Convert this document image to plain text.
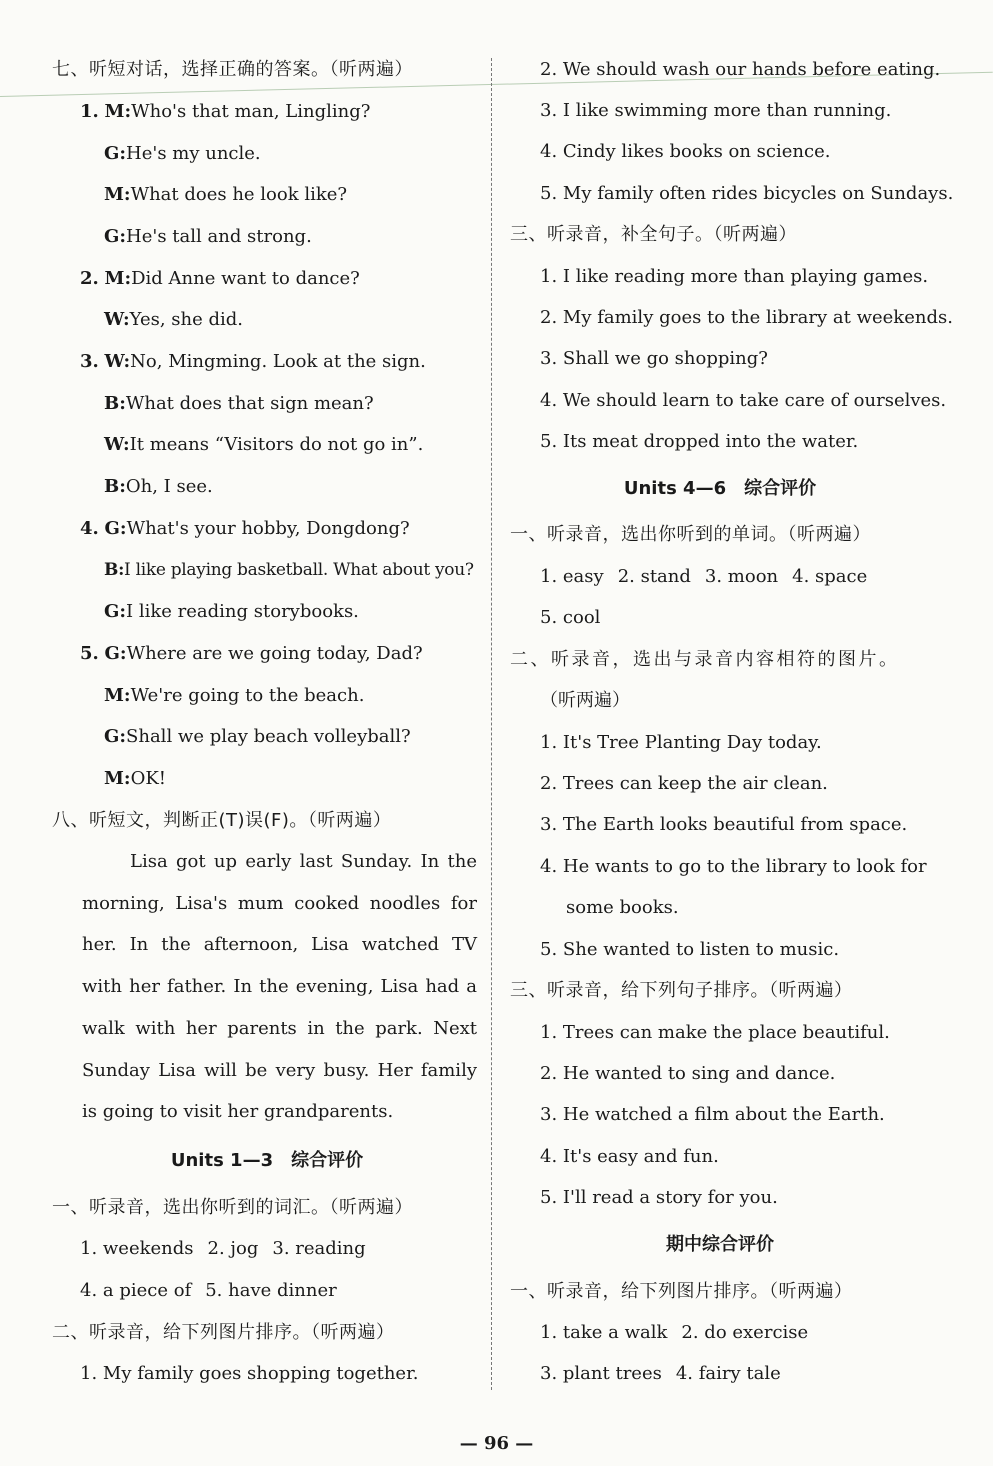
七、听短对话，选择正确的答案。（听两遍）
1. M:Who's that man, Lingling?
G:He's my uncle.
M:What does he look like?
G:He's tall and strong.
2. M:Did Anne want to dance?
W:Yes, she did.
3. W:No, Mingming. Look at the sign.
B:What does that sign mean?
W:It means “Visitors do not go in”.
B:Oh, I see.
4. G:What's your hobby, Dongdong?
B:I like playing basketball. What about you?
G:I like reading storybooks.
5. G:Where are we going today, Dad?
M:We're going to the beach.
G:Shall we play beach volleyball?
M:OK!
八、听短文，判断正(T)误(F)。（听两遍）
Lisa got up early last Sunday. In the morning, Lisa's mum cooked noodles for her. In the afternoon, Lisa watched TV with her father. In the evening, Lisa had a walk with her parents in the park. Next Sunday Lisa will be very busy. Her family is going to visit her grandparents.
Units 1—3　综合评价
一、听录音，选出你听到的词汇。（听两遍）
1. weekends 2. jog 3. reading
4. a piece of 5. have dinner
二、听录音，给下列图片排序。（听两遍）
1. My family goes shopping together.
2. We should wash our hands before eating.
3. I like swimming more than running.
4. Cindy likes books on science.
5. My family often rides bicycles on Sundays.
三、听录音，补全句子。（听两遍）
1. I like reading more than playing games.
2. My family goes to the library at weekends.
3. Shall we go shopping?
4. We should learn to take care of ourselves.
5. Its meat dropped into the water.
Units 4—6　综合评价
一、听录音，选出你听到的单词。（听两遍）
1. easy 2. stand 3. moon 4. space
5. cool
二、听录音，选出与录音内容相符的图片。
（听两遍）
1. It's Tree Planting Day today.
2. Trees can keep the air clean.
3. The Earth looks beautiful from space.
4. He wants to go to the library to look for
some books.
5. She wanted to listen to music.
三、听录音，给下列句子排序。（听两遍）
1. Trees can make the place beautiful.
2. He wanted to sing and dance.
3. He watched a film about the Earth.
4. It's easy and fun.
5. I'll read a story for you.
期中综合评价
一、听录音，给下列图片排序。（听两遍）
1. take a walk 2. do exercise
3. plant trees 4. fairy tale
— 96 —
